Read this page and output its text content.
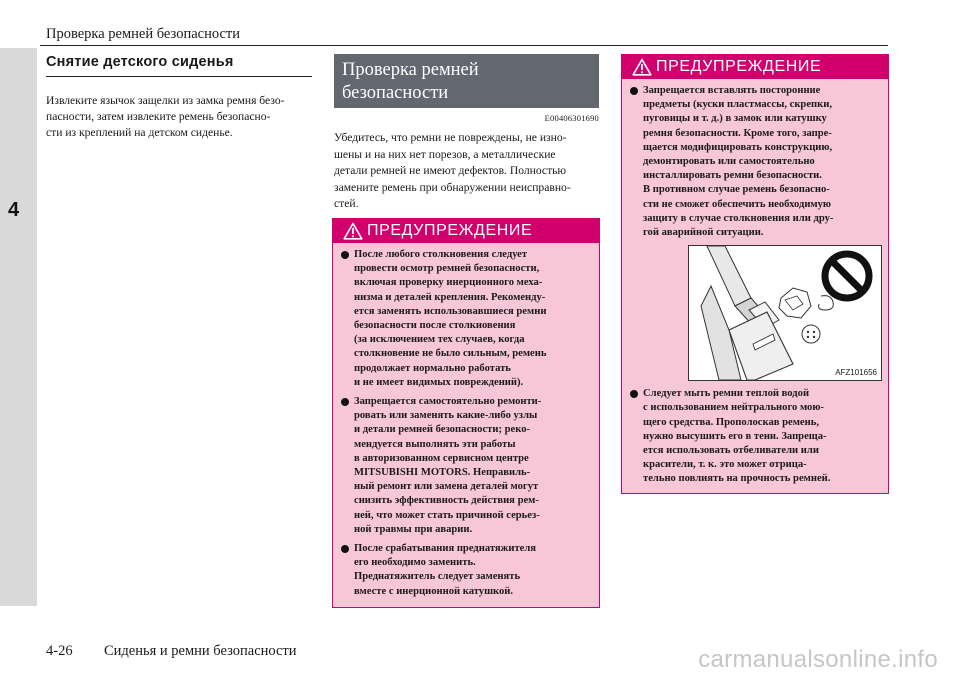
Проверка ремней безопасности
4
Снятие детского сиденья
Извлеките язычок защелки из замка ремня безо-
пасности, затем извлеките ремень безопасно-
сти из креплений на детском сиденье.
Проверка ремней
безопасности
E00406301690
Убедитесь, что ремни не повреждены, не изно-
шены и на них нет порезов, а металлические
детали ремней не имеют дефектов. Полностью
замените ремень при обнаружении неисправно-
стей.
ПРЕДУПРЕЖДЕНИЕ
После любого столкновения следует
провести осмотр ремней безопасности,
включая проверку инерционного меха-
низма и деталей крепления. Рекоменду-
ется заменять использовавшиеся ремни
безопасности после столкновения
(за исключением тех случаев, когда
столкновение не было сильным, ремень
продолжает нормально работать
и не имеет видимых повреждений).
Запрещается самостоятельно ремонти-
ровать или заменять какие-либо узлы
и детали ремней безопасности; реко-
мендуется выполнять эти работы
в авторизованном сервисном центре
MITSUBISHI MOTORS. Неправиль-
ный ремонт или замена деталей могут
снизить эффективность действия рем-
ней, что может стать причиной серьез-
ной травмы при аварии.
После срабатывания преднатяжителя
его необходимо заменить.
Преднатяжитель следует заменять
вместе с инерционной катушкой.
ПРЕДУПРЕЖДЕНИЕ
Запрещается вставлять посторонние
предметы (куски пластмассы, скрепки,
пуговицы и т. д.) в замок или катушку
ремня безопасности. Кроме того, запре-
щается модифицировать конструкцию,
демонтировать или самостоятельно
инсталлировать ремни безопасности.
В противном случае ремень безопасно-
сти не сможет обеспечить необходимую
защиту в случае столкновения или дру-
гой аварийной ситуации.
AFZ101656
Следует мыть ремни теплой водой
с использованием нейтрального мою-
щего средства. Прополоскав ремень,
нужно высушить его в тени. Запреща-
ется использовать отбеливатели или
красители, т. к. это может отрица-
тельно повлиять на прочность ремней.
4-26 Сиденья и ремни безопасности	carmanualsonline.info
